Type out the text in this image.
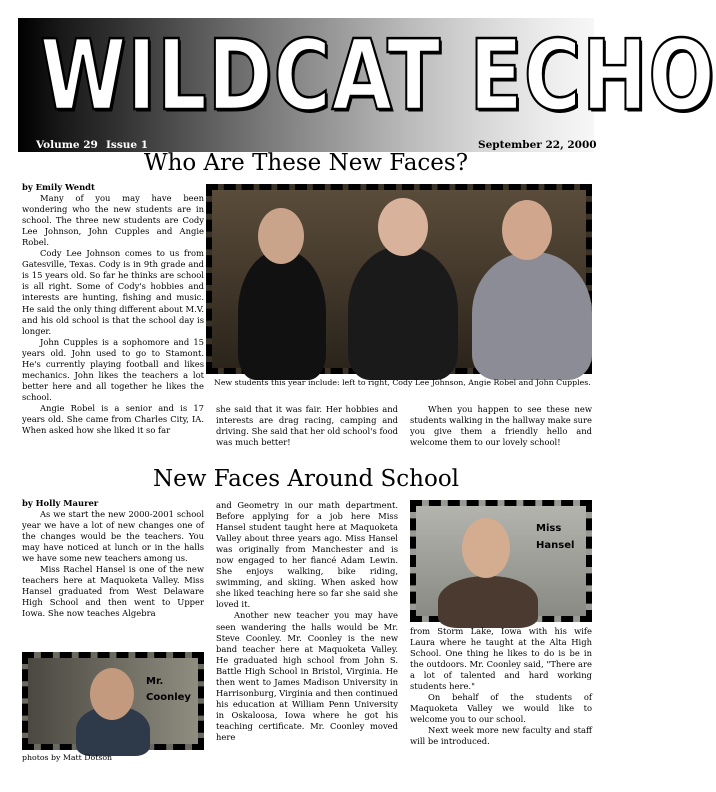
WILDCAT ECHO
Volume 29 Issue 1	September 22, 2000
Who Are These New Faces?

by Emily Wendt

Many of you may have been wondering who the new students are in school. The three new students are Cody Lee Johnson, John Cupples and Angie Robel.

Cody Lee Johnson comes to us from Gatesville, Texas. Cody is in 9th grade and is 15 years old. So far he thinks are school is all right. Some of Cody's hobbies and interests are hunting, fishing and music. He said the only thing different about M.V. and his old school is that the school day is longer.

John Cupples is a sophomore and 15 years old. John used to go to Stamont. He's currently playing football and likes mechanics. John likes the teachers a lot better here and all together he likes the school.

Angie Robel is a senior and is 17 years old. She came from Charles City, IA. When asked how she liked it so far

New students this year include: left to right, Cody Lee Johnson, Angie Robel and John Cupples.

she said that it was fair. Her hobbies and interests are drag racing, camping and driving. She said that her old school's food was much better!

When you happen to see these new students walking in the hallway make sure you give them a friendly hello and welcome them to our lovely school!

New Faces Around School

by Holly Maurer

As we start the new 2000-2001 school year we have a lot of new changes one of the changes would be the teachers. You may have noticed at lunch or in the halls we have some new teachers among us.

Miss Rachel Hansel is one of the new teachers here at Maquoketa Valley. Miss Hansel graduated from West Delaware High School and then went to Upper Iowa. She now teaches Algebra

Mr. Coonley
photos by Matt Dotson

and Geometry in our math department. Before applying for a job here Miss Hansel student taught here at Maquoketa Valley about three years ago. Miss Hansel was originally from Manchester and is now engaged to her fiancé Adam Lewin. She enjoys walking, bike riding, swimming, and skiing. When asked how she liked teaching here so far she said she loved it.

Another new teacher you may have seen wandering the halls would be Mr. Steve Coonley. Mr. Coonley is the new band teacher here at Maquoketa Valley. He graduated high school from John S. Battle High School in Bristol, Virginia. He then went to James Madison University in Harrisonburg, Virginia and then continued his education at William Penn University in Oskaloosa, Iowa where he got his teaching certificate. Mr. Coonley moved here

Miss Hansel

from Storm Lake, Iowa with his wife Laura where he taught at the Alta High School. One thing he likes to do is be in the outdoors. Mr. Coonley said, "There are a lot of talented and hard working students here."

On behalf of the students of Maquoketa Valley we would like to welcome you to our school.

Next week more new faculty and staff will be introduced.
